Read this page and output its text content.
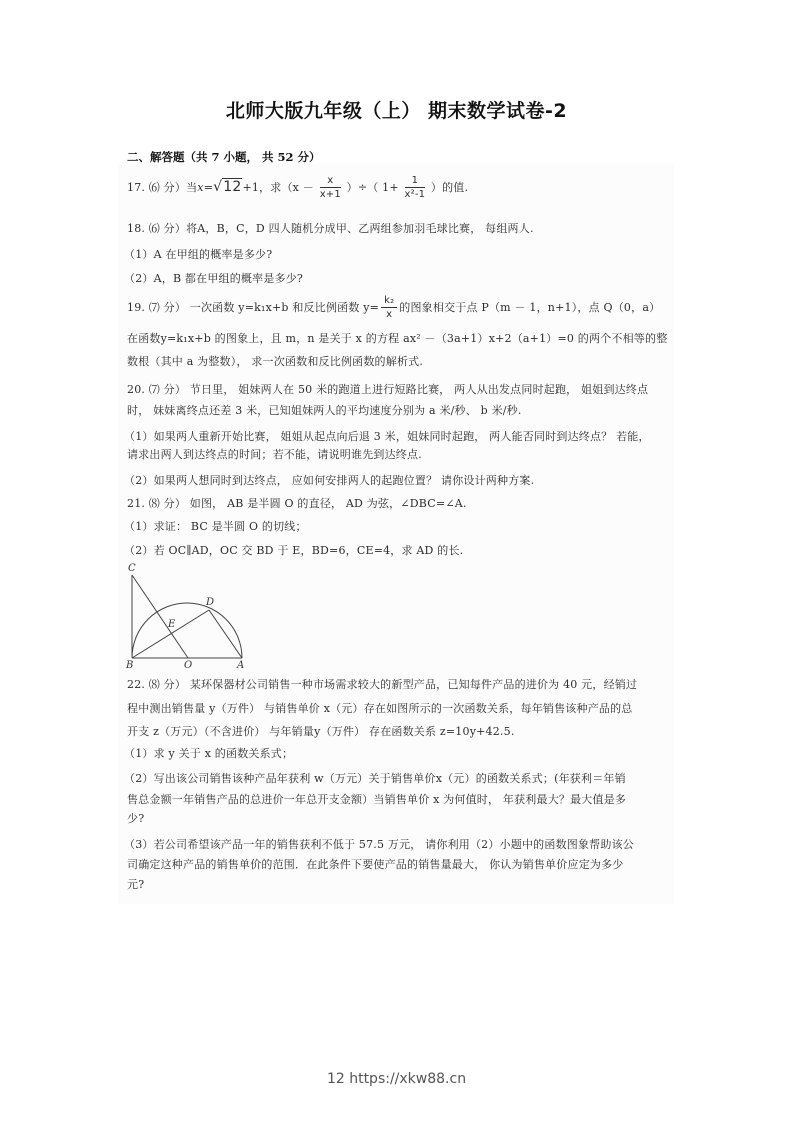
北师大版九年级（上） 期末数学试卷-2
二、解答题（共 7 小题， 共 52 分）
17. ⑹ 分）当x=√12+1，求（$x - \frac{x}{x+1}$ ）÷（ $1+ \frac{1}{\text{x²-1}}$ ）的值.
18. ⑹ 分）将A，B，C，D 四人随机分成甲、乙两组参加羽毛球比赛， 每组两人.
（1）A 在甲组的概率是多少?
（2）A，B 都在甲组的概率是多少?
19. ⑺ 分） 一次函数 y=k₁x+b 和反比例函数 $y= \frac{\text{k₂}}{x}$ 的图象相交于点 P（m － 1，n+1），点 Q（0，a）
在函数y=k₁x+b 的图象上，且 m，n 是关于 x 的方程 ax² －（3a+1）x+2（a+1）=0 的两个不相等的整
数根（其中 a 为整数）， 求一次函数和反比例函数的解析式.
20. ⑺ 分） 节日里， 姐妹两人在 50 米的跑道上进行短路比赛， 两人从出发点同时起跑， 姐姐到达终点
时， 妹妹离终点还差 3 米，已知姐妹两人的平均速度分别为 a 米/秒、 b 米/秒.
（1）如果两人重新开始比赛， 姐姐从起点向后退 3 米，姐妹同时起跑， 两人能否同时到达终点？ 若能，
请求出两人到达终点的时间；若不能，请说明谁先到达终点.
（2）如果两人想同时到达终点， 应如何安排两人的起跑位置？ 请你设计两种方案.
21. ⑻ 分） 如图， AB 是半圆 O 的直径， AD 为弦，∠DBC=∠A.
（1）求证： BC 是半圆 O 的切线；
（2）若 OC∥AD，OC 交 BD 于 E，BD=6，CE=4，求 AD 的长.
C
D
E
B	O	A
22. ⑻ 分） 某环保器材公司销售一种市场需求较大的新型产品，已知每件产品的进价为 40 元，经销过
程中测出销售量 y（万件） 与销售单价 x（元）存在如图所示的一次函数关系，每年销售该种产品的总
开支 z（万元）（不含进价） 与年销量y（万件） 存在函数关系 z=10y+42.5.
（1）求 y 关于 x 的函数关系式；
（2）写出该公司销售该种产品年获利 w（万元）关于销售单价x（元）的函数关系式；(年获利＝年销
售总金额一年销售产品的总进价一年总开支金额）当销售单价 x 为何值时， 年获利最大？最大值是多
少?
（3）若公司希望该产品一年的销售获利不低于 57.5 万元， 请你利用（2）小题中的函数图象帮助该公
司确定这种产品的销售单价的范围．在此条件下要使产品的销售量最大， 你认为销售单价应定为多少
元?
12 https://xkw88.cn
